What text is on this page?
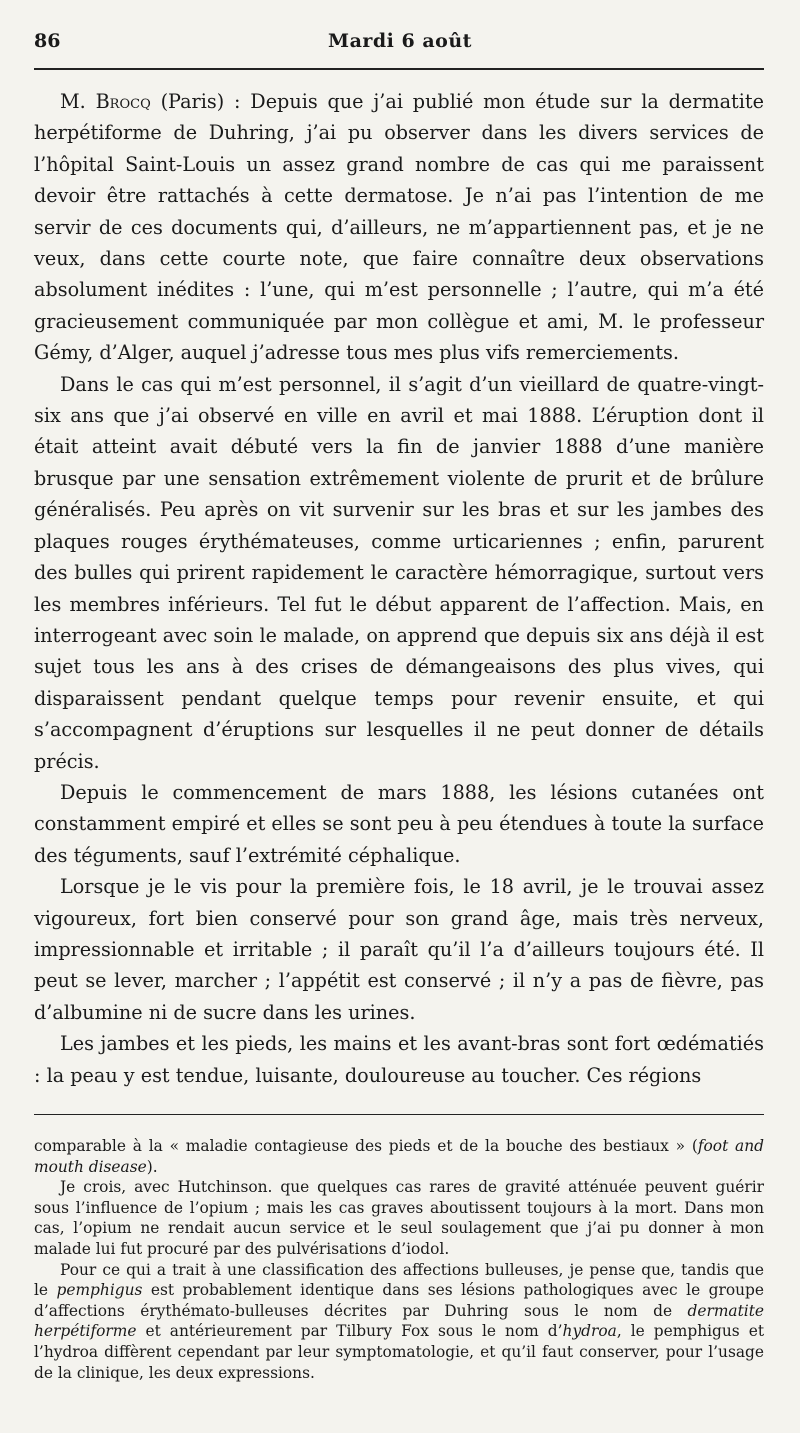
86	Mardi 6 août

M. Brocq (Paris) : Depuis que j’ai publié mon étude sur la dermatite herpétiforme de Duhring, j’ai pu observer dans les divers services de l’hôpital Saint-Louis un assez grand nombre de cas qui me paraissent devoir être rattachés à cette dermatose. Je n’ai pas l’intention de me servir de ces documents qui, d’ailleurs, ne m’appartiennent pas, et je ne veux, dans cette courte note, que faire connaître deux observations absolument inédites : l’une, qui m’est personnelle ; l’autre, qui m’a été gracieusement communiquée par mon collègue et ami, M. le professeur Gémy, d’Alger, auquel j’adresse tous mes plus vifs remerciements.

Dans le cas qui m’est personnel, il s’agit d’un vieillard de quatre-vingt-six ans que j’ai observé en ville en avril et mai 1888. L’éruption dont il était atteint avait débuté vers la fin de janvier 1888 d’une manière brusque par une sensation extrêmement violente de prurit et de brûlure généralisés. Peu après on vit survenir sur les bras et sur les jambes des plaques rouges érythémateuses, comme urticariennes ; enfin, parurent des bulles qui prirent rapidement le caractère hémorragique, surtout vers les membres inférieurs. Tel fut le début apparent de l’affection. Mais, en interrogeant avec soin le malade, on apprend que depuis six ans déjà il est sujet tous les ans à des crises de démangeaisons des plus vives, qui disparaissent pendant quelque temps pour revenir ensuite, et qui s’accompagnent d’éruptions sur lesquelles il ne peut donner de détails précis.

Depuis le commencement de mars 1888, les lésions cutanées ont constamment empiré et elles se sont peu à peu étendues à toute la surface des téguments, sauf l’extrémité céphalique.

Lorsque je le vis pour la première fois, le 18 avril, je le trouvai assez vigoureux, fort bien conservé pour son grand âge, mais très nerveux, impressionnable et irritable ; il paraît qu’il l’a d’ailleurs toujours été. Il peut se lever, marcher ; l’appétit est conservé ; il n’y a pas de fièvre, pas d’albumine ni de sucre dans les urines.

Les jambes et les pieds, les mains et les avant-bras sont fort œdématiés : la peau y est tendue, luisante, douloureuse au toucher. Ces régions

comparable à la « maladie contagieuse des pieds et de la bouche des bestiaux » (foot and mouth disease).

Je crois, avec Hutchinson. que quelques cas rares de gravité atténuée peuvent guérir sous l’influence de l’opium ; mais les cas graves aboutissent toujours à la mort. Dans mon cas, l’opium ne rendait aucun service et le seul soulagement que j’ai pu donner à mon malade lui fut procuré par des pulvérisations d’iodol.

Pour ce qui a trait à une classification des affections bulleuses, je pense que, tandis que le pemphigus est probablement identique dans ses lésions pathologiques avec le groupe d’affections érythémato-bulleuses décrites par Duhring sous le nom de dermatite herpétiforme et antérieurement par Tilbury Fox sous le nom d’hydroa, le pemphigus et l’hydroa diffèrent cependant par leur symptomatologie, et qu’il faut conserver, pour l’usage de la clinique, les deux expressions.
